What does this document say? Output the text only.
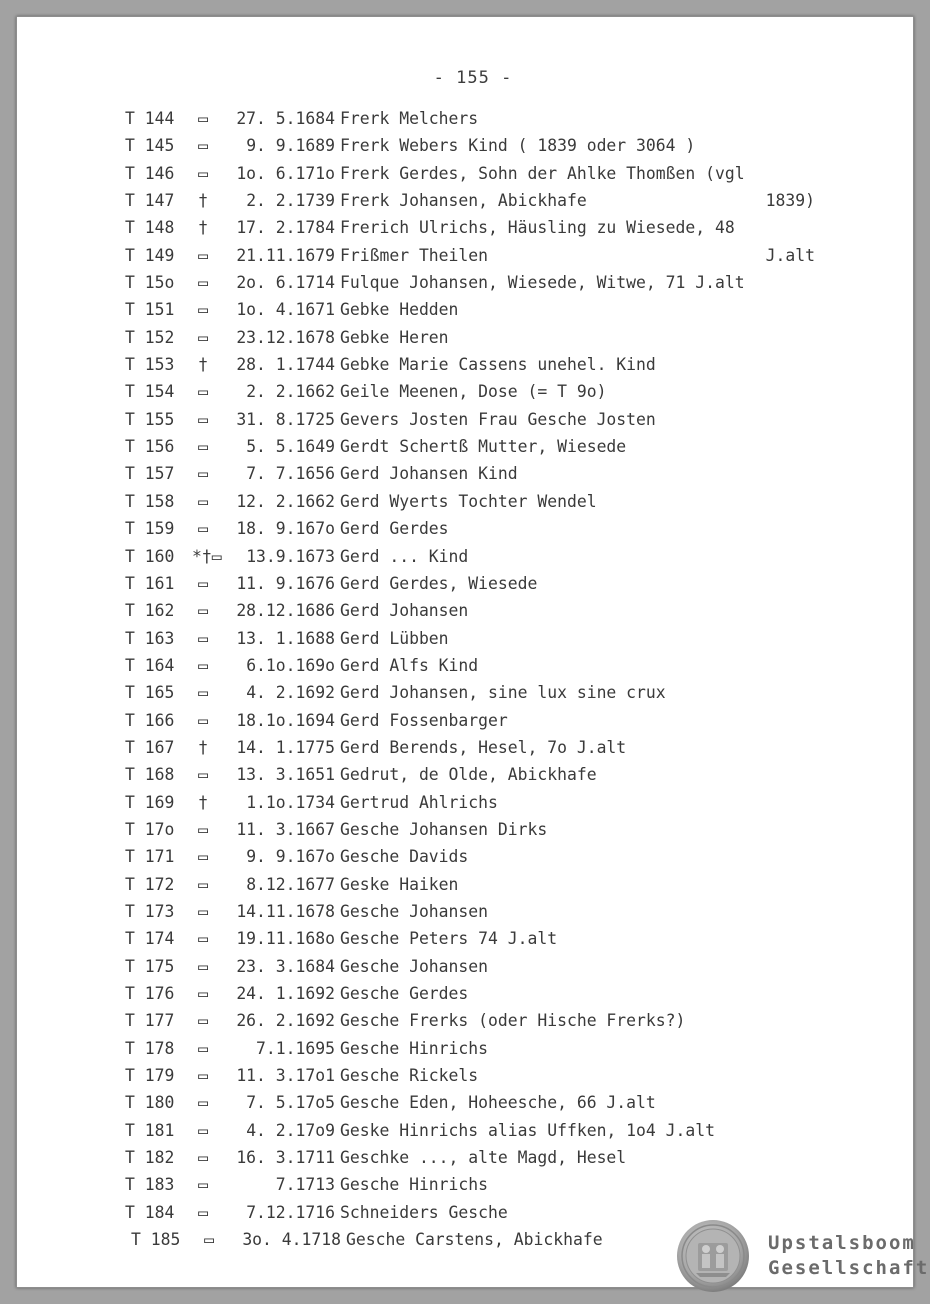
- 155 -
T 144	▭	27. 5.1684 Frerk Melchers
T 145	▭	9. 9.1689 Frerk Webers Kind ( 1839 oder 3064 )
T 146	▭	1o. 6.171o Frerk Gerdes, Sohn der Ahlke Thomßen (vgl
T 147	†	2. 2.1739 Frerk Johansen, Abickhafe	1839)
T 148	†	17. 2.1784 Frerich Ulrichs, Häusling zu Wiesede, 48
T 149	▭	21.11.1679 Frißmer Theilen	J.alt
T 15o	▭	2o. 6.1714 Fulque Johansen, Wiesede, Witwe, 71 J.alt
T 151	▭	1o. 4.1671 Gebke Hedden
T 152	▭	23.12.1678 Gebke Heren
T 153	†	28. 1.1744 Gebke Marie Cassens unehel. Kind
T 154	▭	2. 2.1662 Geile Meenen, Dose (= T 9o)
T 155	▭	31. 8.1725 Gevers Josten Frau Gesche Josten
T 156	▭	5. 5.1649 Gerdt Schertß Mutter, Wiesede
T 157	▭	7. 7.1656 Gerd Johansen Kind
T 158	▭	12. 2.1662 Gerd Wyerts Tochter Wendel
T 159	▭	18. 9.167o Gerd Gerdes
T 160 *†▭	13.9.1673 Gerd ... Kind
T 161	▭	11. 9.1676 Gerd Gerdes, Wiesede
T 162	▭	28.12.1686 Gerd Johansen
T 163	▭	13. 1.1688 Gerd Lübben
T 164	▭	6.1o.169o Gerd Alfs Kind
T 165	▭	4. 2.1692 Gerd Johansen, sine lux sine crux
T 166	▭	18.1o.1694 Gerd Fossenbarger
T 167	†	14. 1.1775 Gerd Berends, Hesel, 7o J.alt
T 168	▭	13. 3.1651 Gedrut, de Olde, Abickhafe
T 169	†	1.1o.1734 Gertrud Ahlrichs
T 17o	▭	11. 3.1667 Gesche Johansen Dirks
T 171	▭	9. 9.167o Gesche Davids
T 172	▭	8.12.1677 Geske Haiken
T 173	▭	14.11.1678 Gesche Johansen
T 174	▭	19.11.168o Gesche Peters 74 J.alt
T 175	▭	23. 3.1684 Gesche Johansen
T 176	▭	24. 1.1692 Gesche Gerdes
T 177	▭	26. 2.1692 Gesche Frerks (oder Hische Frerks?)
T 178	▭	7.1.1695 Gesche Hinrichs
T 179	▭	11. 3.17o1 Gesche Rickels
T 180	▭	7. 5.17o5 Gesche Eden, Hoheesche, 66 J.alt
T 181	▭	4. 2.17o9 Geske Hinrichs alias Uffken, 1o4 J.alt
T 182	▭	16. 3.1711 Geschke ..., alte Magd, Hesel
T 183	▭	7.1713 Gesche Hinrichs
T 184	▭	7.12.1716 Schneiders Gesche
T 185	▭	3o. 4.1718 Gesche Carstens, Abickhafe	Upstalsboom
Gesellschaft
